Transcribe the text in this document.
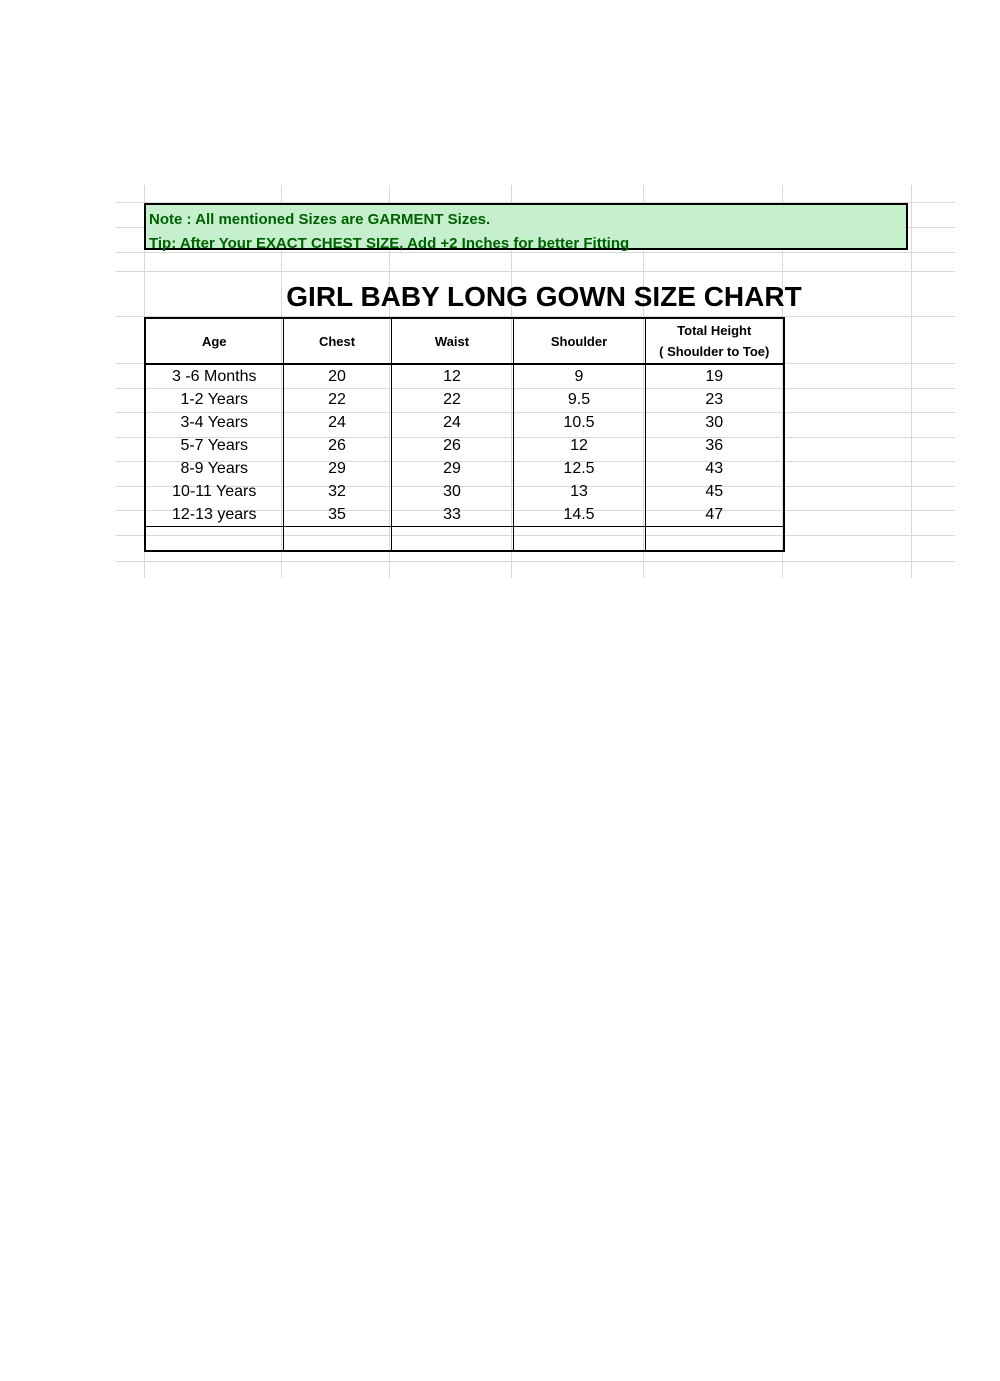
Note : All mentioned Sizes are GARMENT Sizes.
Tip: After Your EXACT CHEST SIZE, Add +2 Inches for better Fitting
GIRL BABY LONG GOWN SIZE CHART
Age	Chest	Waist	Shoulder	Total Height
( Shoulder to Toe)

3 -6 Months	20	12	9	19
1-2 Years	22	22	9.5	23
3-4 Years	24	24	10.5	30
5-7 Years	26	26	12	36
8-9 Years	29	29	12.5	43
10-11 Years	32	30	13	45
12-13 years	35	33	14.5	47
